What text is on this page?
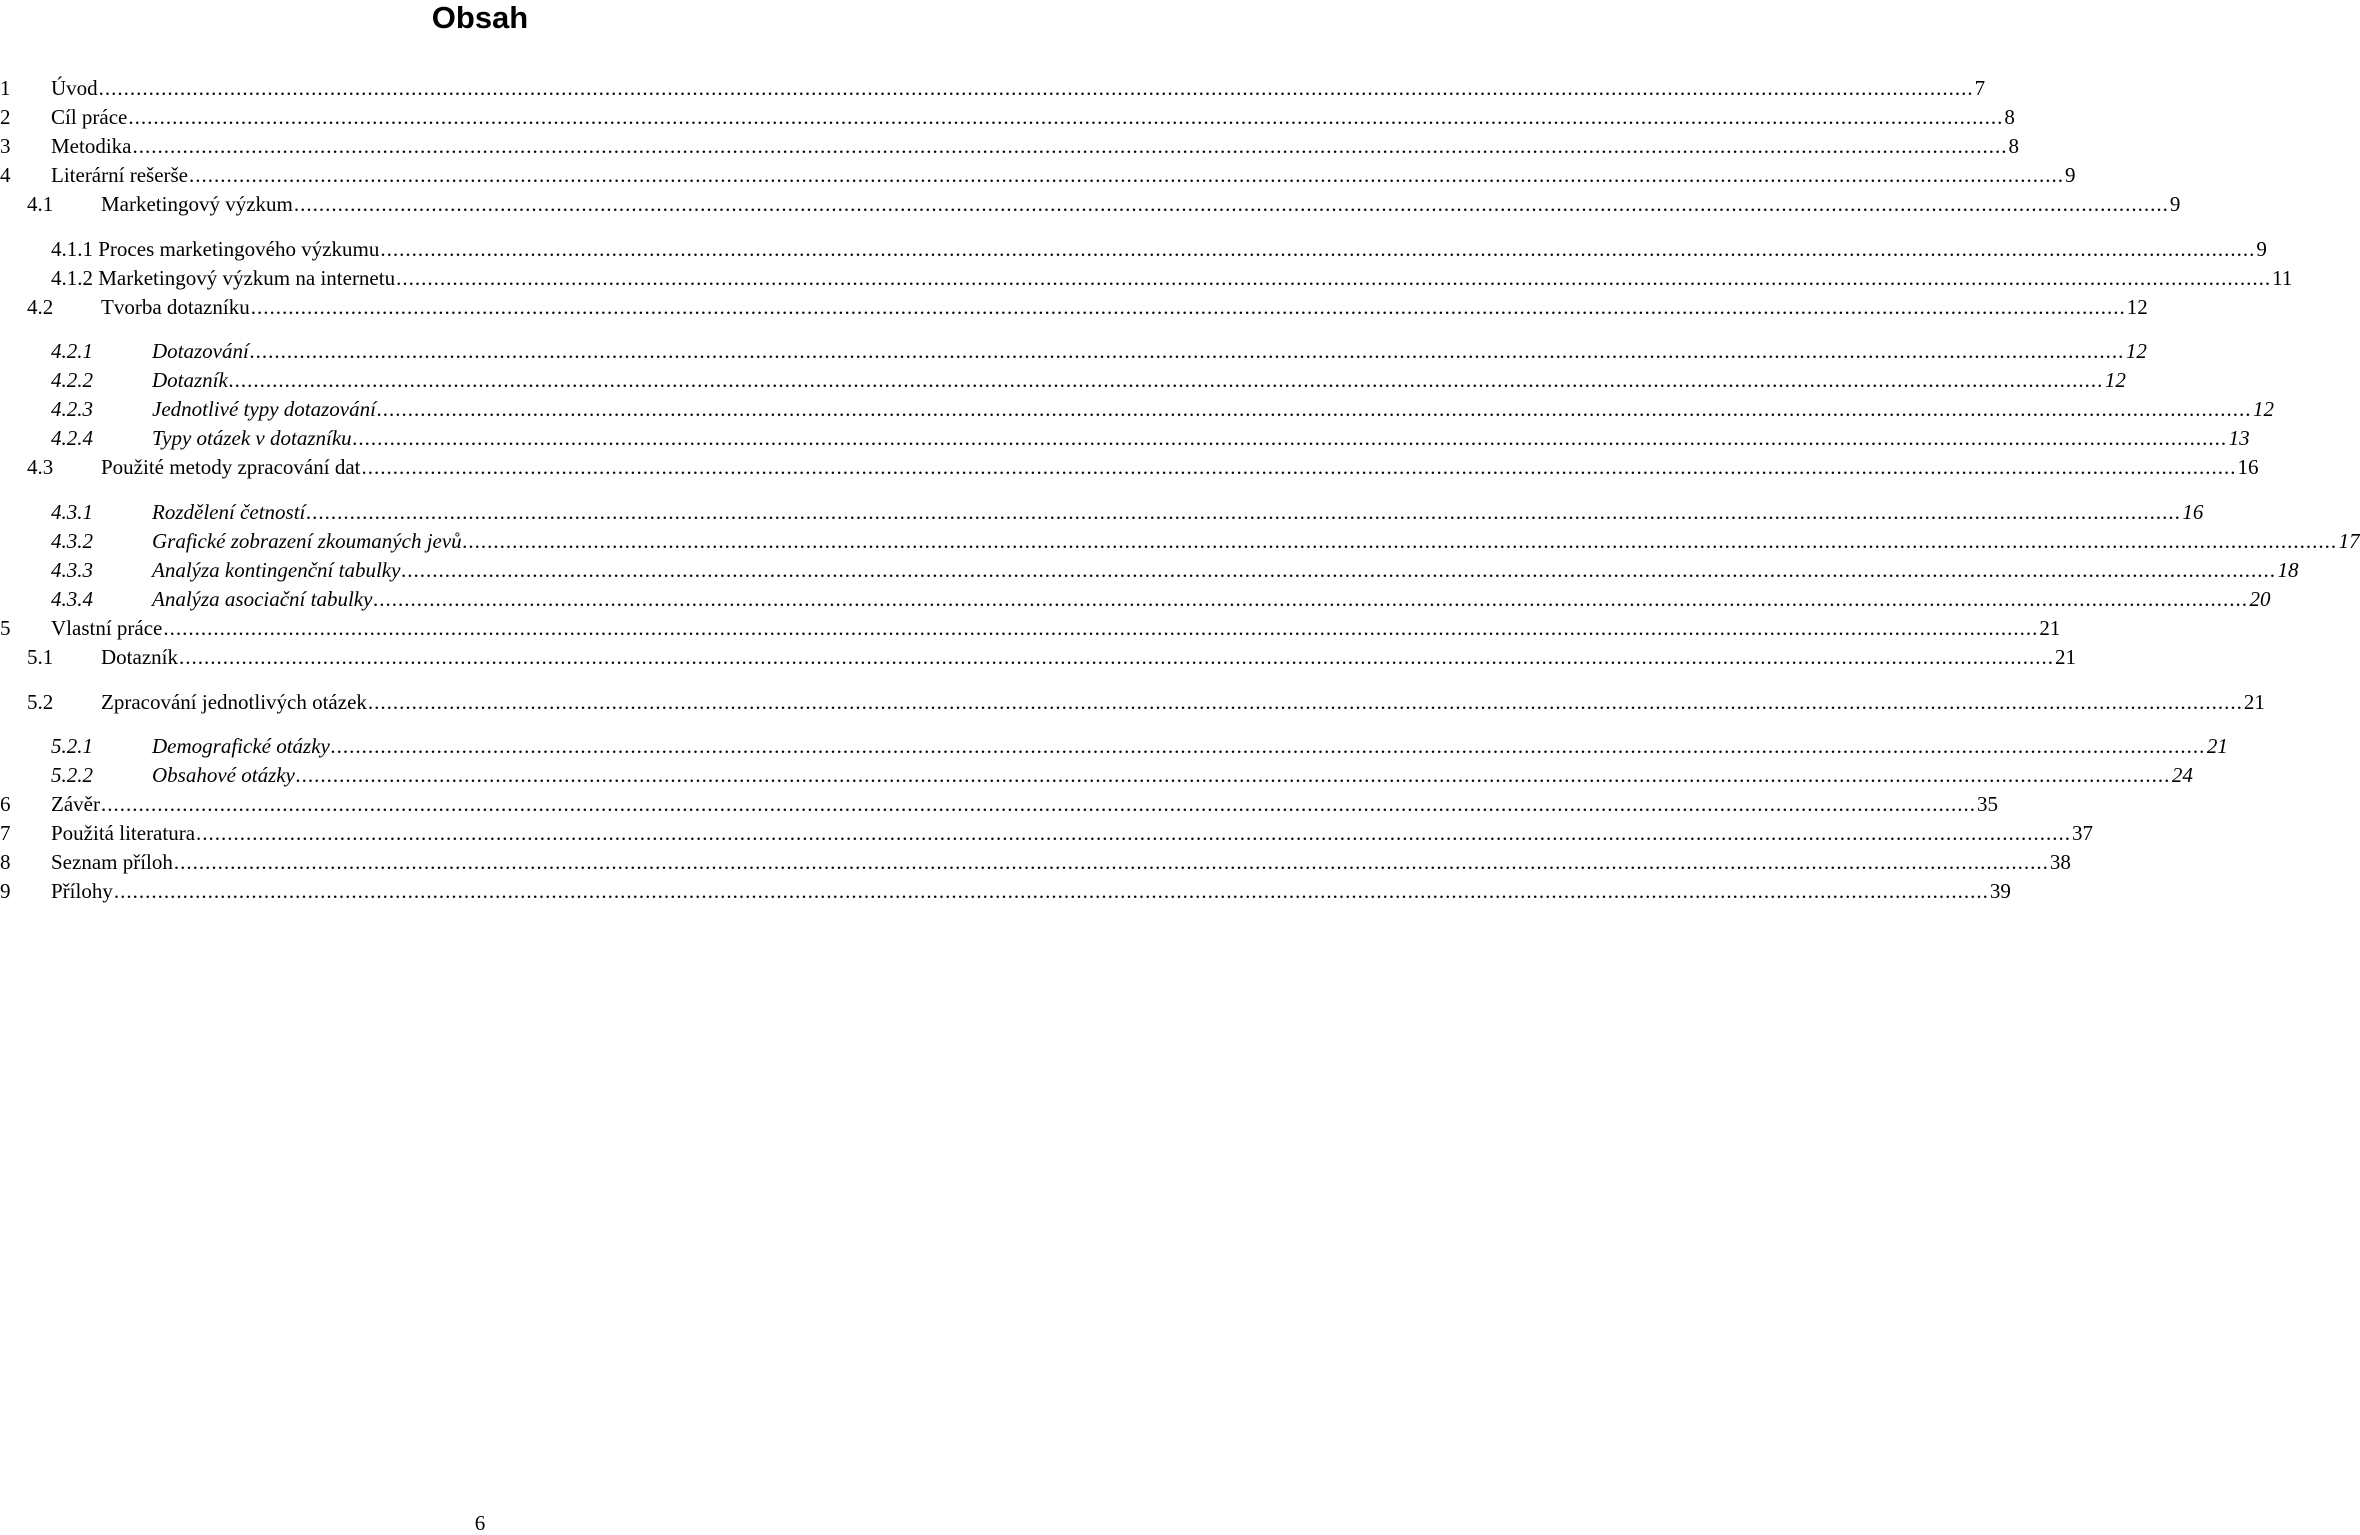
Obsah
1 Úvod ............................................................................................................................................................................................................................................................................................................ 7
2 Cíl práce ............................................................................................................................................................................................................................................................................................................ 8
3 Metodika ............................................................................................................................................................................................................................................................................................................ 8
4 Literární rešerše ............................................................................................................................................................................................................................................................................................................ 9
4.1 Marketingový výzkum ............................................................................................................................................................................................................................................................................................................ 9
4.1.1 Proces marketingového výzkumu ............................................................................................................................................................................................................................................................................................................ 9
4.1.2 Marketingový výzkum na internetu ............................................................................................................................................................................................................................................................................................................ 11
4.2 Tvorba dotazníku ............................................................................................................................................................................................................................................................................................................ 12
4.2.1	Dotazování ............................................................................................................................................................................................................................................................................................................ 12
4.2.2	Dotazník ............................................................................................................................................................................................................................................................................................................ 12
4.2.3	Jednotlivé typy dotazování ............................................................................................................................................................................................................................................................................................................ 12
4.2.4	Typy otázek v dotazníku ............................................................................................................................................................................................................................................................................................................ 13
4.3 Použité metody zpracování dat ............................................................................................................................................................................................................................................................................................................ 16
4.3.1	Rozdělení četností ............................................................................................................................................................................................................................................................................................................ 16
4.3.2	Grafické zobrazení zkoumaných jevů ............................................................................................................................................................................................................................................................................................................ 17
4.3.3	Analýza kontingenční tabulky ............................................................................................................................................................................................................................................................................................................ 18
4.3.4	Analýza asociační tabulky ............................................................................................................................................................................................................................................................................................................ 20
5 Vlastní práce ............................................................................................................................................................................................................................................................................................................ 21
5.1 Dotazník ............................................................................................................................................................................................................................................................................................................ 21
5.2 Zpracování jednotlivých otázek ............................................................................................................................................................................................................................................................................................................ 21
5.2.1	Demografické otázky ............................................................................................................................................................................................................................................................................................................ 21
5.2.2	Obsahové otázky ............................................................................................................................................................................................................................................................................................................ 24
6 Závěr ............................................................................................................................................................................................................................................................................................................ 35
7 Použitá literatura ............................................................................................................................................................................................................................................................................................................ 37
8 Seznam příloh ............................................................................................................................................................................................................................................................................................................ 38
9 Přílohy ............................................................................................................................................................................................................................................................................................................ 39
6
